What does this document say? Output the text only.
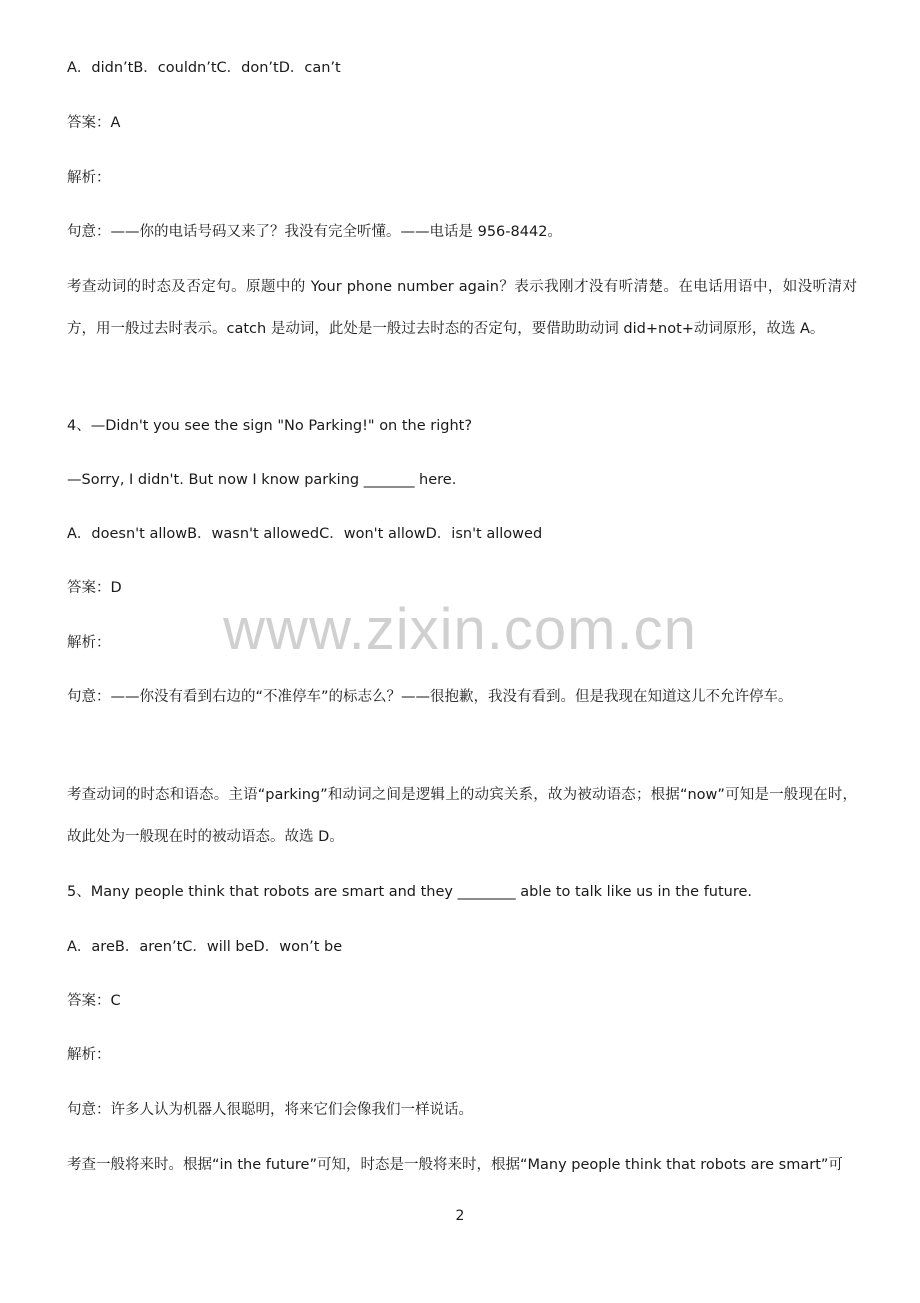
A．didn’tB．couldn’tC．don’tD．can’t
答案：A
解析：
句意：——你的电话号码又来了？我没有完全听懂。——电话是 956-8442。
考查动词的时态及否定句。原题中的 Your phone number again？表示我刚才没有听清楚。在电话用语中，如没听清对方，用一般过去时表示。catch 是动词，此处是一般过去时态的否定句，要借助助动词 did+not+动词原形，故选 A。
4、—Didn't you see the sign "No Parking!" on the right?
—Sorry, I didn't. But now I know parking _______ here.
A．doesn't allowB．wasn't allowedC．won't allowD．isn't allowed
答案：D
解析：
句意：——你没有看到右边的“不准停车”的标志么？——很抱歉，我没有看到。但是我现在知道这儿不允许停车。
考查动词的时态和语态。主语“parking”和动词之间是逻辑上的动宾关系，故为被动语态；根据“now”可知是一般现在时，故此处为一般现在时的被动语态。故选 D。
5、Many people think that robots are smart and they ________ able to talk like us in the future.
A．areB．aren’tC．will beD．won’t be
答案：C
解析：
句意：许多人认为机器人很聪明，将来它们会像我们一样说话。
考查一般将来时。根据“in the future”可知，时态是一般将来时，根据“Many people think that robots are smart”可
www.zixin.com.cn
2
